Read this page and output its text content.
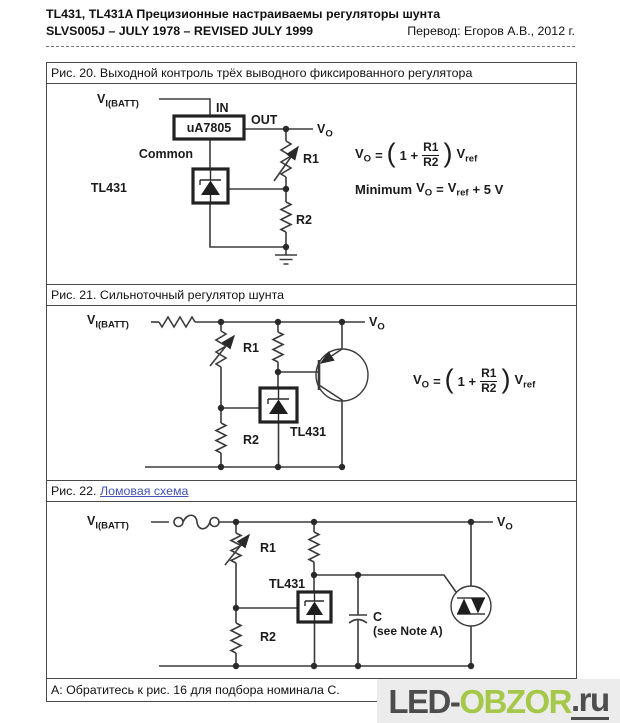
TL431, TL431A Прецизионные настраиваемы регуляторы шунта
SLVS005J – JULY 1978 – REVISED JULY 1999	Перевод: Егоров А.В., 2012 г.
Рис. 20. Выходной контроль трёх выводного фиксированного регулятора
$V_{I(BATT)}$	IN
uA7805
OUT
$V_O$
Common
TL431
R1
R2
$V_O$ = ( $1 + \frac{R1}{R2}$ ) $V_{ref}$
Minimum $V_O = V_{ref} + 5$ V
Рис. 21. Сильноточный регулятор шунта
$V_{I(BATT)}$	$V_O$
R1
R2
TL431
$V_O$ = ( $1 + \frac{R1}{R2}$ ) $V_{ref}$
Рис. 22. Ломовая схема
$V_{I(BATT)}$	$V_O$
R1
R2
TL431
C
(see Note A)
А: Обратитесь к рис. 16 для подбора номинала С.	LED- OBZOR .ru
